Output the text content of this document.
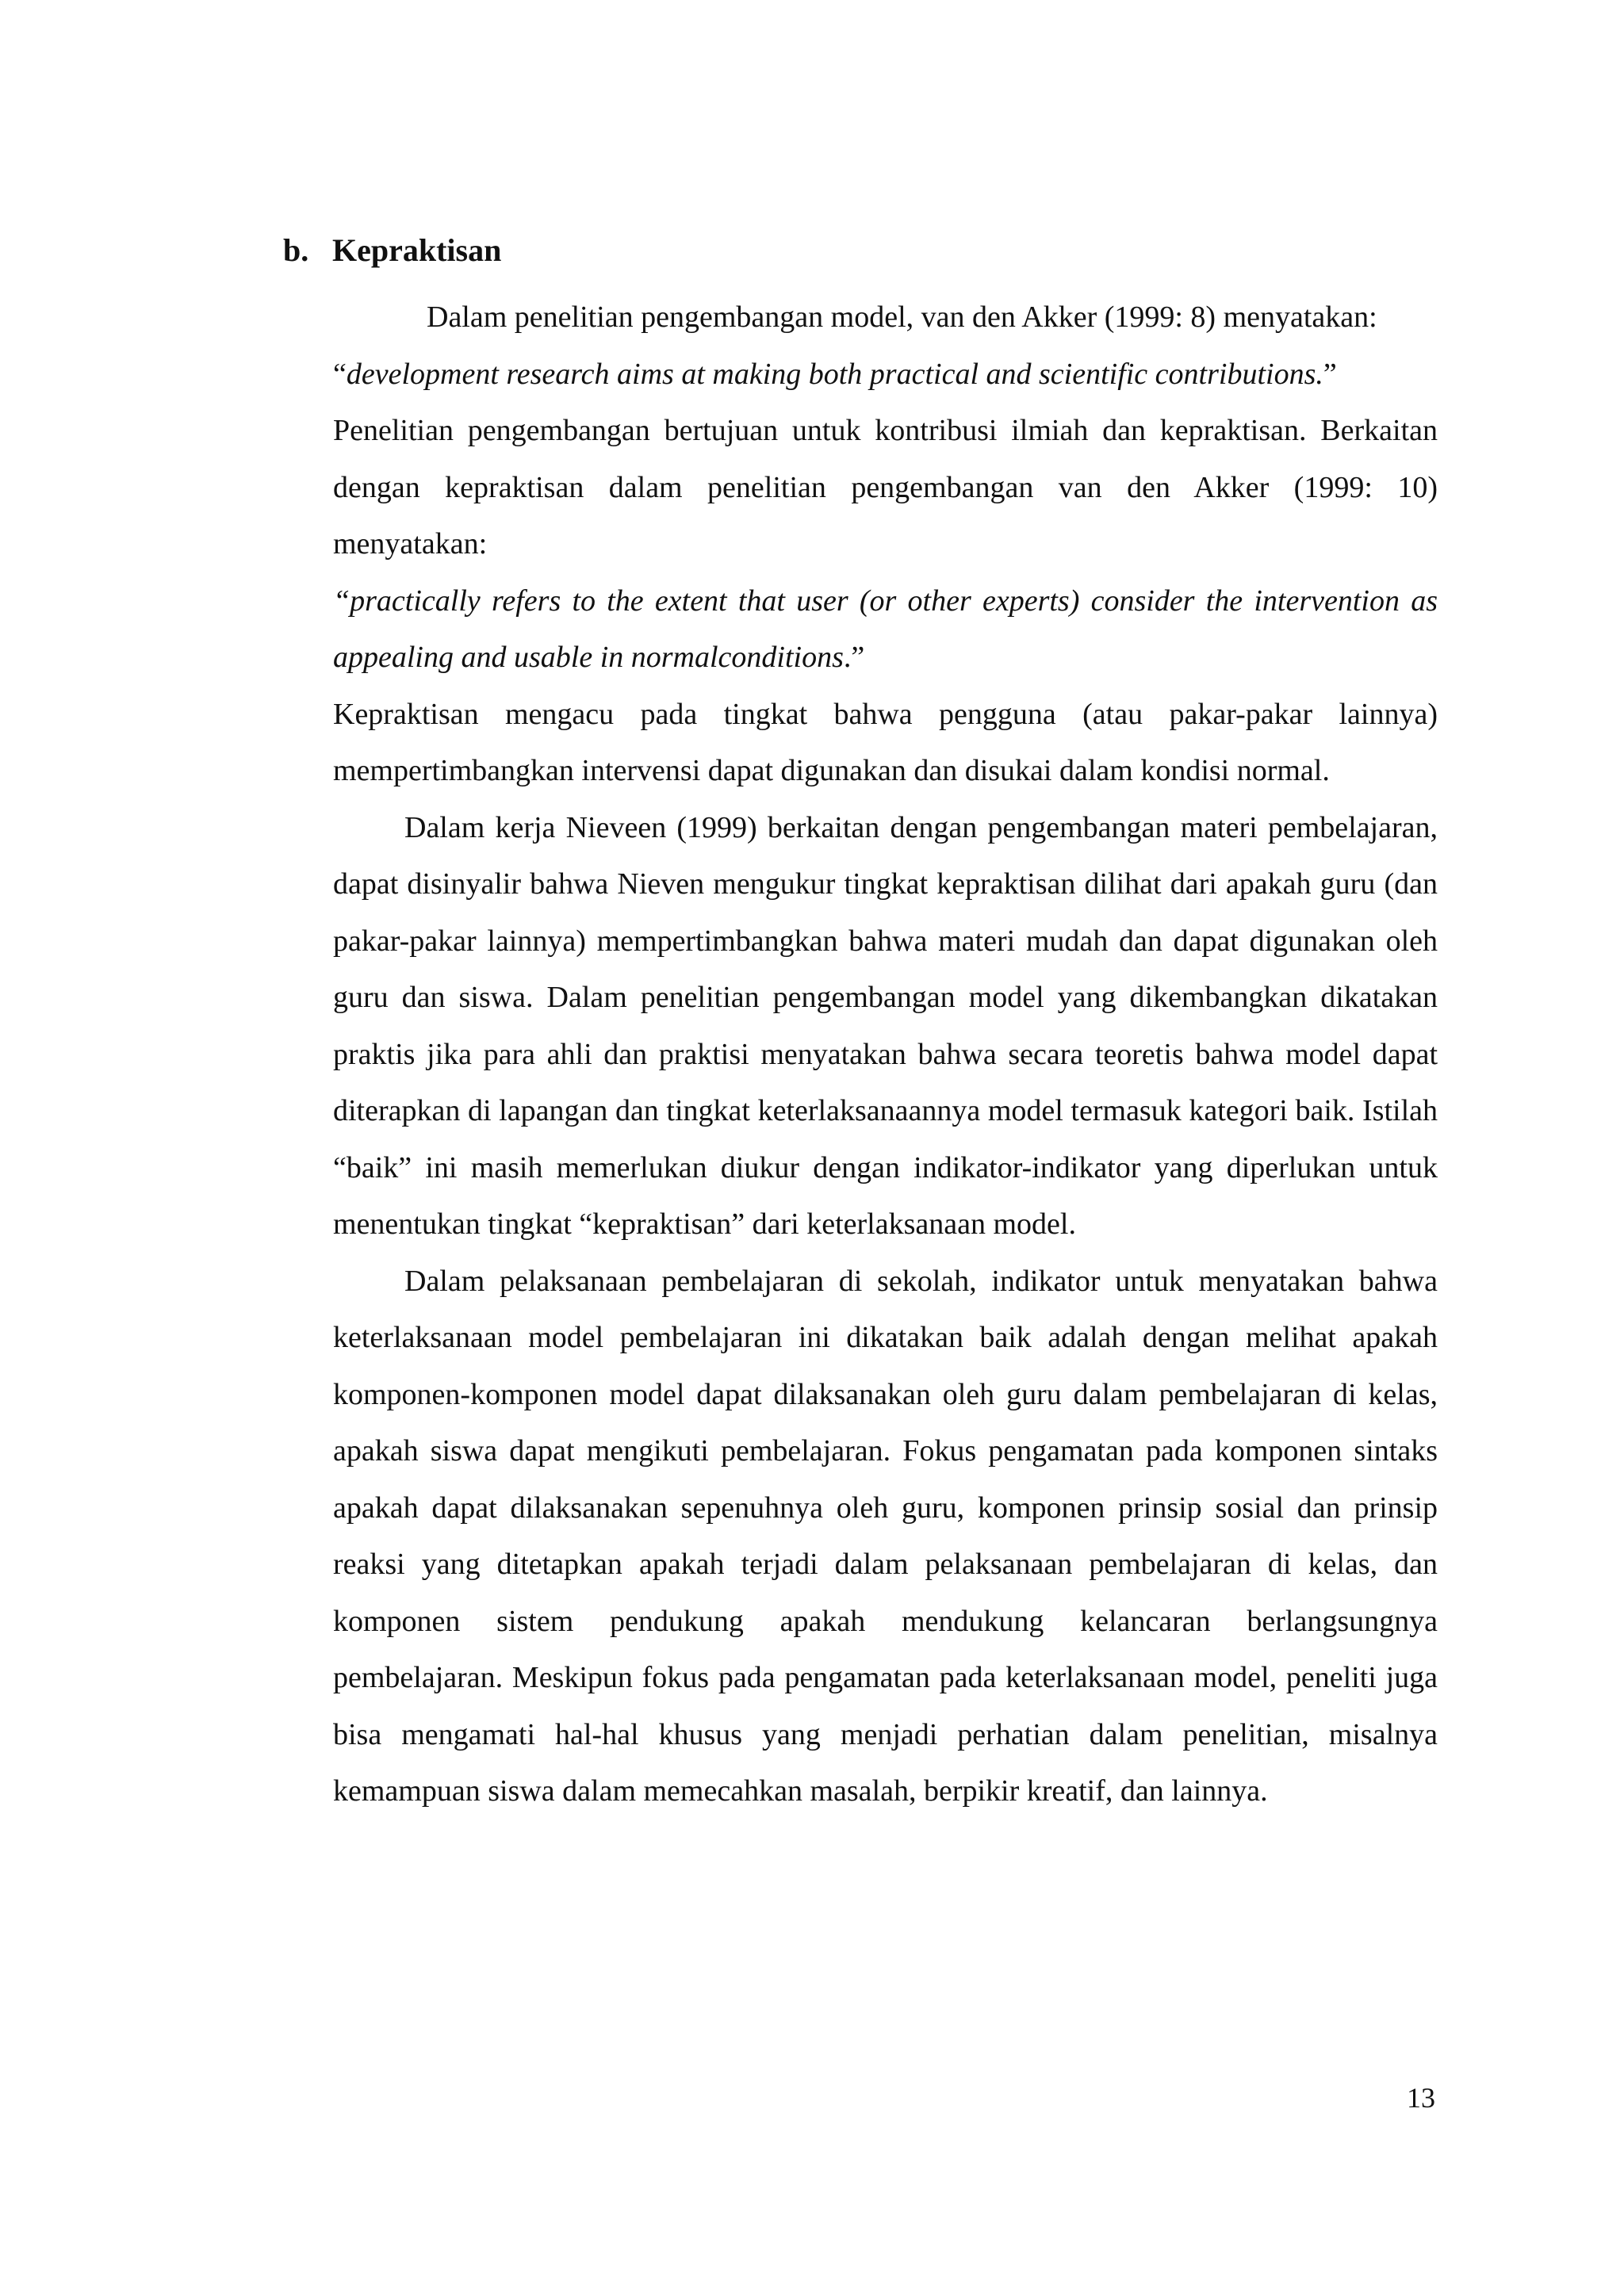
b. Kepraktisan

Dalam penelitian pengembangan model, van den Akker (1999: 8) menyatakan:

“development research aims at making both practical and scientific contributions.”

Penelitian pengembangan bertujuan untuk kontribusi ilmiah dan kepraktisan. Berkaitan dengan kepraktisan dalam penelitian pengembangan van den Akker (1999: 10) menyatakan:

“practically refers to the extent that user (or other experts) consider the intervention as appealing and usable in normalconditions.”

Kepraktisan mengacu pada tingkat bahwa pengguna (atau pakar-pakar lainnya) mempertimbangkan intervensi dapat digunakan dan disukai dalam kondisi normal.

Dalam kerja Nieveen (1999) berkaitan dengan pengembangan materi pembelajaran, dapat disinyalir bahwa Nieven mengukur tingkat kepraktisan dilihat dari apakah guru (dan pakar-pakar lainnya) mempertimbangkan bahwa materi mudah dan dapat digunakan oleh guru dan siswa. Dalam penelitian pengembangan model yang dikembangkan dikatakan praktis jika para ahli dan praktisi menyatakan bahwa secara teoretis bahwa model dapat diterapkan di lapangan dan tingkat keterlaksanaannya model termasuk kategori baik. Istilah “baik” ini masih memerlukan diukur dengan indikator-indikator yang diperlukan untuk menentukan tingkat “kepraktisan” dari keterlaksanaan model.

Dalam pelaksanaan pembelajaran di sekolah, indikator untuk menyatakan bahwa keterlaksanaan model pembelajaran ini dikatakan baik adalah dengan melihat apakah komponen-komponen model dapat dilaksanakan oleh guru dalam pembelajaran di kelas, apakah siswa dapat mengikuti pembelajaran. Fokus pengamatan pada komponen sintaks apakah dapat dilaksanakan sepenuhnya oleh guru, komponen prinsip sosial dan prinsip reaksi yang ditetapkan apakah terjadi dalam pelaksanaan pembelajaran di kelas, dan komponen sistem pendukung apakah mendukung kelancaran berlangsungnya pembelajaran. Meskipun fokus pada pengamatan pada keterlaksanaan model, peneliti juga bisa mengamati hal-hal khusus yang menjadi perhatian dalam penelitian, misalnya kemampuan siswa dalam memecahkan masalah, berpikir kreatif, dan lainnya.

13
